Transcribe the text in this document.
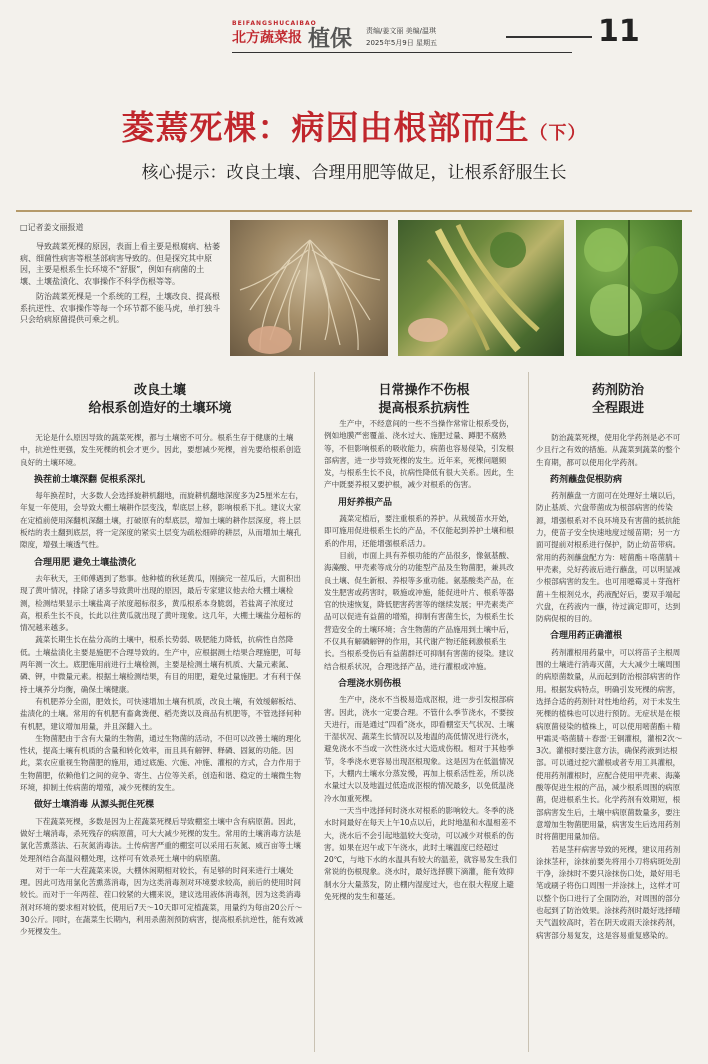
BEIFANGSHUCAIBAO
北方蔬菜报 植保 责编/姜文丽 美编/温琪
2025年5月9日 星期五	11
菱蔫死棵：病因由根部而生（下）
核心提示：改良土壤、合理用肥等做足，让根系舒服生长
□记者姜文丽报道

导致蔬菜死棵的原因，表面上看主要是根腐病、枯萎病、细菌性病害等根茎部病害导致的。但是探究其中原因，主要是根系生长环境不“舒服”，例如有病菌的土壤、土壤盐渍化、农事操作不科学伤根等等。

防治蔬菜死棵是一个系统的工程，土壤改良、提高根系抗逆性、农事操作等每一个环节都不能马虎，单打独斗只会给病原菌提供可乘之机。

改良土壤
给根系创造好的土壤环境
日常操作不伤根
提高根系抗病性
药剂防治
全程跟进

无论是什么原因导致的蔬菜死棵，都与土壤密不可分。根系生存于健康的土壤中，抗逆性更强，发生死棵的机会才更少。因此，要想减少死棵，首先要给根系创造良好的土壤环境。

换茬前土壤深翻 促根系深扎

每年换茬时，大多数人会选择旋耕机翻地，而旋耕机翻地深度多为25厘米左右，年复一年使用，会导致大棚土壤耕作层变浅，犁底层上移，影响根系下扎。建议大家在定植前使用深翻机深翻土壤，打破原有的犁底层，增加土壤的耕作层深度，将上层板结的表土翻到底层，将一定深度的紧实土层变为疏松细碎的耕层，从而增加土壤孔隙度，增强土壤透气性。

合理用肥 避免土壤盐渍化

去年秋天，王师傅遇到了愁事。他种植的秋延黄瓜，刚摘完一茬瓜后，大面积出现了黄叶情况，排除了诸多导致黄叶出现的原因，最后专家建议他去给大棚土壤检测，检测结果显示土壤盐离子浓度超标很多，黄瓜根系本身脆弱，若盐离子浓度过高，根系生长不良，长此以往黄瓜就出现了黄叶现象。这几年，大棚土壤盐分超标的情况越来越多。

蔬菜长期生长在盐分高的土壤中，根系长势弱、吸肥能力降低，抗病性自然降低。土壤盐渍化主要是施肥不合理导致的。生产中，应根据测土结果合理施肥，可每两年测一次土。底肥施用前进行土壤检测，主要是检测土壤有机质、大量元素氮、磷、钾，中微量元素。根据土壤检测结果，有目的用肥，避免过量施肥。才有利于保持土壤养分均衡，确保土壤健康。

有机肥养分全面，肥效长，可快速增加土壤有机质，改良土壤，有效缓解板结、盐渍化的土壤。常用的有机肥有畜禽粪便、稻壳粪以及商品有机肥等，不管选择何种有机肥，建议增加用量，并且深翻入土。

生物菌肥由于含有大量的生物菌，通过生物菌的活动，不但可以改善土壤的理化性状，提高土壤有机质的含量和转化效率，而且具有解钾、释磷、固氮的功能。因此，菜农应重视生物菌肥的施用，通过底施、穴施、冲施、灌根的方式，合力作用于生物菌肥，依赖他们之间的竞争、寄生、占位等关系，创造和谐、稳定的土壤微生物环境，抑制土传病菌的增殖，减少死棵的发生。

做好土壤消毒 从源头扼住死棵

下茬蔬菜死棵，多数是因为上茬蔬菜死棵后导致棚室土壤中含有病原菌。因此，做好土壤消毒，杀死残存的病原菌，可大大减少死棵的发生。常用的土壤消毒方法是氯化苦熏蒸法、石灰氮消毒法。土传病害严重的棚室可以采用石灰氮、威百亩等土壤处理剂结合高温闷棚处理，这样可有效杀死土壤中的病原菌。

对于一年一大茬蔬菜来说，大棚休闲期相对较长，有足够的时间来进行土壤处理。因此可选用氯化苦熏蒸消毒，因为这类消毒剂对环境要求较高，前后的使用时间较长。而对于一年两茬、茬口较紧的大棚来说，建议选用液体消毒剂，因为这类消毒剂对环境的要求相对较低，使用后7天～10天即可定植蔬菜，用量约为每亩20公斤～30公斤。同时，在蔬菜生长期内，利用杀菌剂预防病害，提高根系抗逆性，能有效减少死棵发生。

生产中，不经意间的一些不当操作常常让根系受伤，例如地膜严密覆盖、浇水过大、施肥过量、蹲肥不腐熟等，不但影响根系的吸收能力，病菌也容易侵染，引发根部病害，进一步导致死棵的发生。近年来，死棵问题频发，与根系生长不良，抗病性降低有很大关系。因此，生产中既要养根又要护根，减少对根系的伤害。

用好养根产品

蔬菜定植后，要注重根系的养护。从栽缓苗水开始，即可施用促进根系生长的产品，不仅能起到养护土壤和根系的作用，还能增强根系活力。

目前，市面上具有养根功能的产品很多，像氨基酸、海藻酸、甲壳素等成分的功能型产品及生物菌肥，兼具改良土壤、促生新根、养根等多重功能。氨基酸类产品，在发生肥害或药害时，吸施或冲施，能促进叶片、根系等器官的快速恢复，降低肥害药害等的继续发展；甲壳素类产品可以促进有益菌的增殖，抑制有害菌生长，为根系生长营造安全的土壤环境；含生物菌的产品施用到土壤中后，不仅具有解磷解钾的作用，其代谢产物还能刺激根系生长。当根系受伤后有益菌群还可抑制有害菌的侵染。建议结合根系状况，合理选择产品，进行灌根或冲施。

合理浇水别伤根

生产中，浇水不当极易造成沤根，进一步引发根部病害。因此，浇水一定要合理。不管什么季节浇水，不要按天进行，而是通过“四看”浇水，即看棚室天气状况、土壤干湿状况、蔬菜生长情况以及地温的高低情况进行浇水，避免浇水不当或一次性浇水过大造成伤根。相对于其他季节，冬季浇水更容易出现沤根现象。这是因为在低温情况下，大棚内土壤水分蒸发慢，再加上根系活性差，所以浇水量过大以及地温过低造成沤根的情况最多，以免低温浇冷水加重死棵。

一天当中选择何时浇水对根系的影响较大。冬季的浇水时间最好在每天上午10点以后，此时地温和水温相差不大，浇水后不会引起地温较大变动，可以减少对根系的伤害。如果在迟午或下午浇水，此时土壤温度已经超过20℃，与地下水的水温具有较大的温差，就容易发生我们常说的伤根现象。浇水时，最好选择膜下滴灌，能有效抑制水分大量蒸发，防止棚内湿度过大，也在很大程度上避免死棵的发生和蔓延。

防治蔬菜死棵，使用化学药剂是必不可少且行之有效的措施。从蔬菜到蔬菜的整个生育期，都可以使用化学药剂。

药剂蘸盘促根防病

药剂蘸盘一方面可在处理好土壤以后，防止基质、穴盘带菌成为根部病害的传染源，增强根系对不良环境及有害菌的抵抗能力，使苗子安全快速地度过缓苗期；另一方面可提前对根系进行保护，防止幼苗带病。常用的药剂蘸盘配方为：嘧菌酯＋咯菌腈＋甲壳素，兑好药液后进行蘸盘，可以明显减少根部病害的发生。也可用噁霉灵＋芽孢杆菌＋生根剂兑水，药液配好后，要双手端起穴盘，在药液内一蘸，待过滴定即可，达到防病促根的目的。

合理用药正确灌根

药剂灌根用药量中，可以将苗子主根周围的土壤进行消毒灭菌，大大减少土壤周围的病原菌数量，从而起到防治根部病害的作用。根据发病特点，明确引发死棵的病害，选择合适的药剂针对性地给药，对于未发生死棵的植株也可以进行预防。无症状是在根病原菌侵染的植株上，可以使用嘧菌酯＋精甲霜灵·咯菌腈＋春雷·王铜灌根，灌根2次～3次。灌根时要注意方法，确保药液到达根部。可以通过挖穴灌根或者专用工具灌根，使用药剂灌根时，应配合使用甲壳素、海藻酸等促进生根的产品，减少根系周围的病原菌，促进根系生长。化学药剂有效期短，根部病害发生后，土壤中病原菌数量多，要注意增加生物菌肥用量，病害发生后选用药剂时将菌肥用量加倍。

若是茎秆病害导致的死棵，建议用药剂涂抹茎秆，涂抹前要先将用小刀将病斑处刮干净，涂抹时不要只涂抹伤口处，最好用毛笔或刷子将伤口周围一并涂抹上，这样才可以整个伤口进行了全面防治，对周围的部分也起到了防治效果。涂抹药剂时最好选择晴天气温较高时，若在阴天或雨天涂抹药剂，病害部分易复发，这是容易重复感染的。
